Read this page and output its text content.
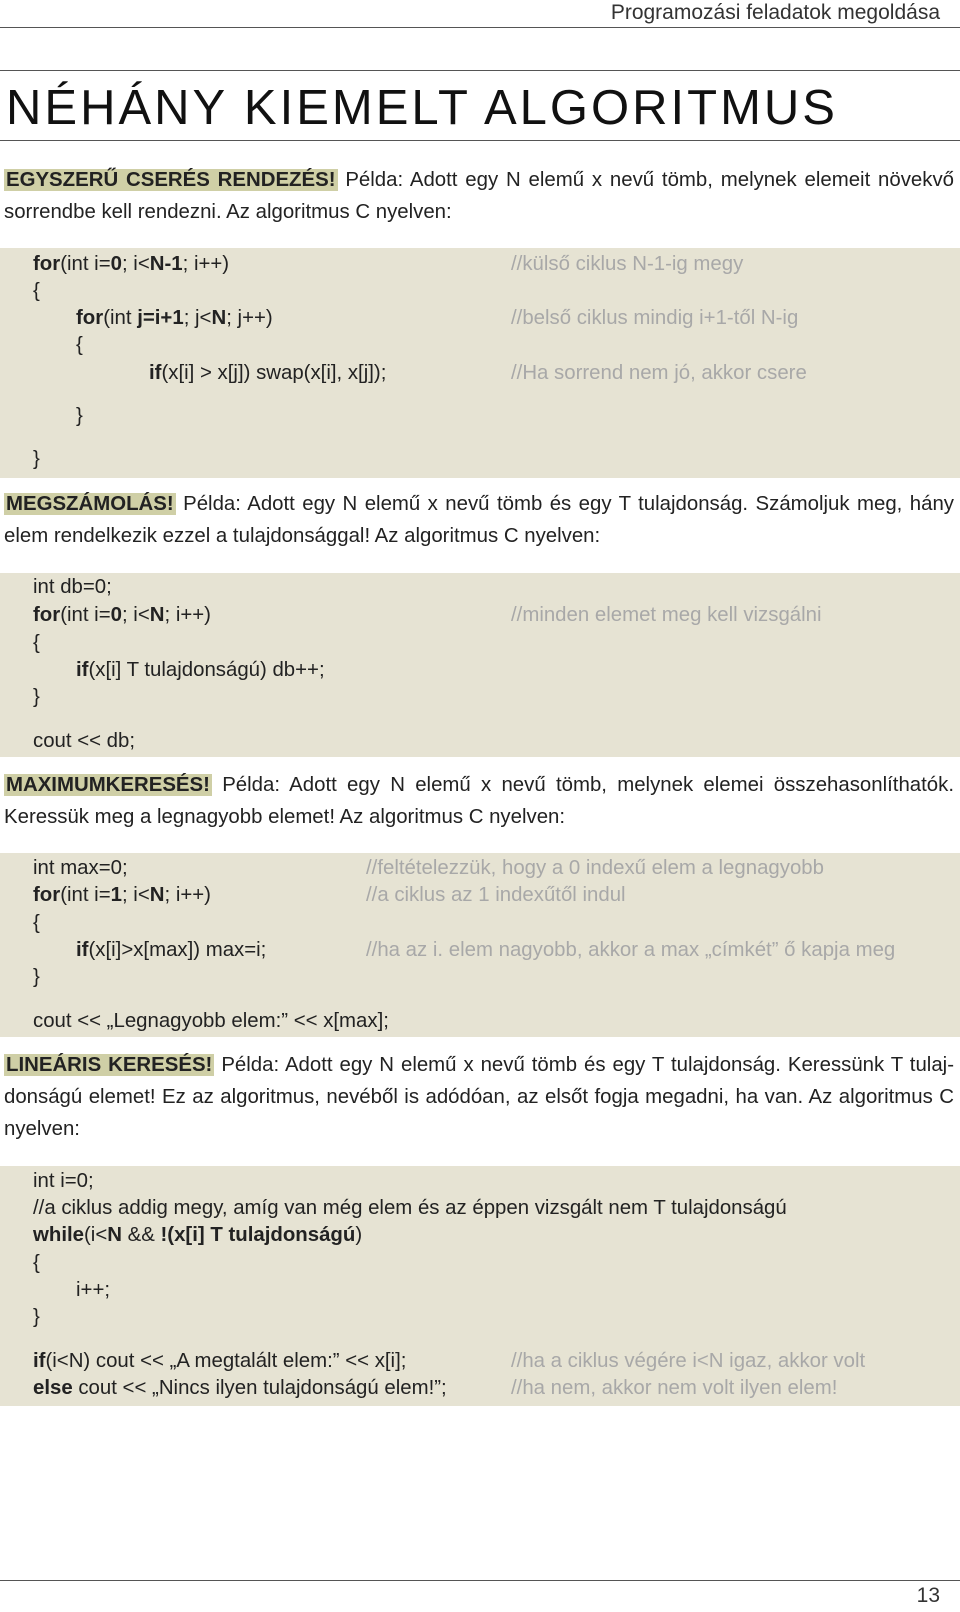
Programozási feladatok megoldása
NÉHÁNY KIEMELT ALGORITMUS
EGYSZERŰ CSERÉS RENDEZÉS! Példa: Adott egy N elemű x nevű tömb, melynek elemeit növekvő sorrendbe kell rendezni. Az algoritmus C nyelven:
for(int i=0; i<N-1; i++)
{
for(int j=i+1; j<N; j++)
{
if(x[i] > x[j]) swap(x[i], x[j]);
}
}
//külső ciklus N-1-ig megy
//belső ciklus mindig i+1-től N-ig
//Ha sorrend nem jó, akkor csere
MEGSZÁMOLÁS! Példa: Adott egy N elemű x nevű tömb és egy T tulajdonság. Számoljuk meg, hány elem rendelkezik ezzel a tulajdonsággal! Az algoritmus C nyelven:
int db=0;
for(int i=0; i<N; i++)
{
if(x[i] T tulajdonságú) db++;
}
cout << db;
//minden elemet meg kell vizsgálni
MAXIMUMKERESÉS! Példa: Adott egy N elemű x nevű tömb, melynek elemei összehasonlíthatók. Keressük meg a legnagyobb elemet! Az algoritmus C nyelven:
int max=0;
for(int i=1; i<N; i++)
{
if(x[i]>x[max]) max=i;
}
cout << „Legnagyobb elem:” << x[max];
//feltételezzük, hogy a 0 indexű elem a legnagyobb
//a ciklus az 1 indexűtől indul
//ha az i. elem nagyobb, akkor a max „címkét” ő kapja meg
LINEÁRIS KERESÉS! Példa: Adott egy N elemű x nevű tömb és egy T tulajdonság. Keressünk T tulaj-donságú elemet! Ez az algoritmus, nevéből is adódóan, az elsőt fogja megadni, ha van. Az algoritmus C nyelven:
int i=0;
//a ciklus addig megy, amíg van még elem és az éppen vizsgált nem T tulajdonságú
while(i<N && !(x[i] T tulajdonságú)
{
i++;
}
if(i<N) cout << „A megtalált elem:” << x[i];
else cout << „Nincs ilyen tulajdonságú elem!”;
//ha a ciklus végére i<N igaz, akkor volt
//ha nem, akkor nem volt ilyen elem!
13
